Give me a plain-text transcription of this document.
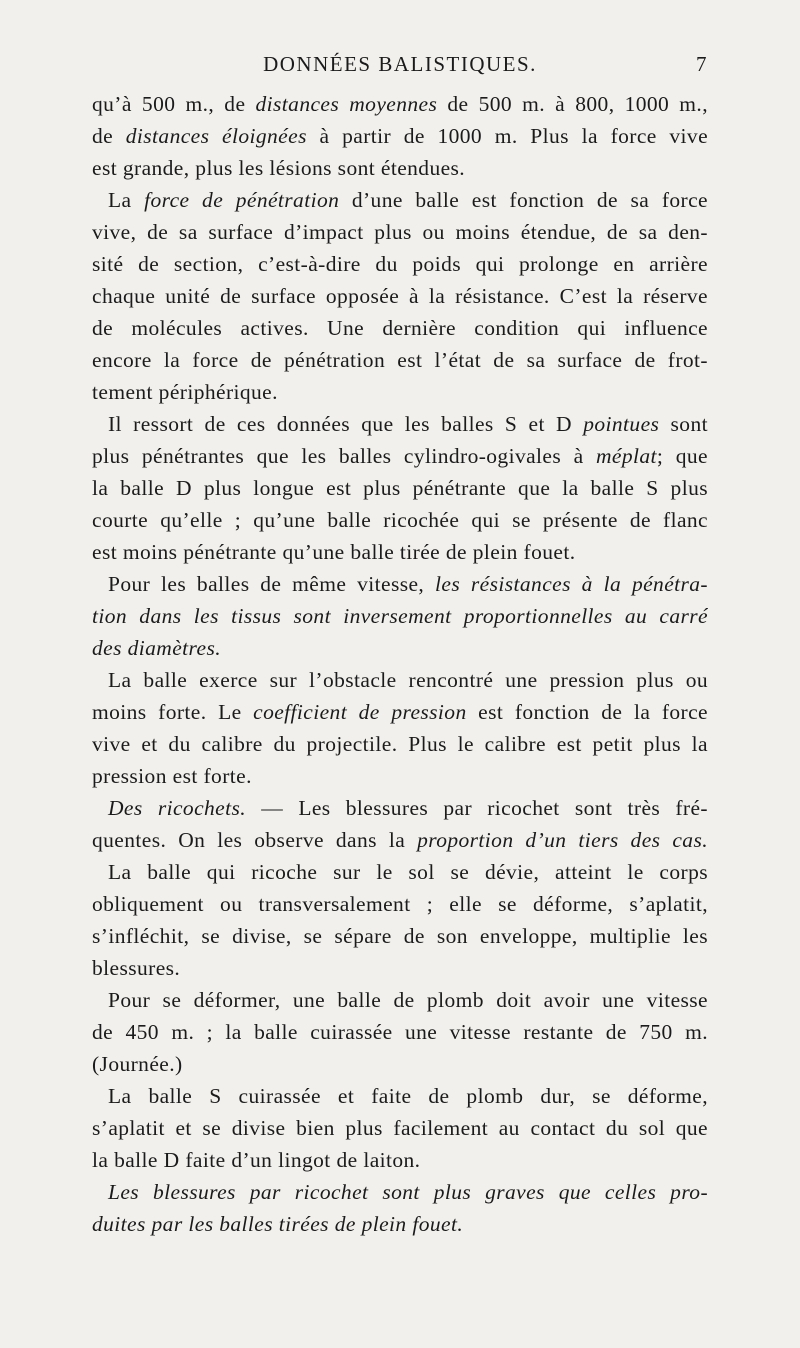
DONNÉES BALISTIQUES.	7
qu’à 500 m., de distances moyennes de 500 m. à 800, 1000 m.,
de distances éloignées à partir de 1000 m. Plus la force vive
est grande, plus les lésions sont étendues.
La force de pénétration d’une balle est fonction de sa force
vive, de sa surface d’impact plus ou moins étendue, de sa den-
sité de section, c’est-à-dire du poids qui prolonge en arrière
chaque unité de surface opposée à la résistance. C’est la réserve
de molécules actives. Une dernière condition qui influence
encore la force de pénétration est l’état de sa surface de frot-
tement périphérique.
Il ressort de ces données que les balles S et D pointues sont
plus pénétrantes que les balles cylindro-ogivales à méplat; que
la balle D plus longue est plus pénétrante que la balle S plus
courte qu’elle ; qu’une balle ricochée qui se présente de flanc
est moins pénétrante qu’une balle tirée de plein fouet.
Pour les balles de même vitesse, les résistances à la pénétra-
tion dans les tissus sont inversement proportionnelles au carré
des diamètres.
La balle exerce sur l’obstacle rencontré une pression plus ou
moins forte. Le coefficient de pression est fonction de la force
vive et du calibre du projectile. Plus le calibre est petit plus la
pression est forte.
Des ricochets. — Les blessures par ricochet sont très fré-
quentes. On les observe dans la proportion d’un tiers des cas.
La balle qui ricoche sur le sol se dévie, atteint le corps
obliquement ou transversalement ; elle se déforme, s’aplatit,
s’infléchit, se divise, se sépare de son enveloppe, multiplie les
blessures.
Pour se déformer, une balle de plomb doit avoir une vitesse
de 450 m. ; la balle cuirassée une vitesse restante de 750 m.
(Journée.)
La balle S cuirassée et faite de plomb dur, se déforme,
s’aplatit et se divise bien plus facilement au contact du sol que
la balle D faite d’un lingot de laiton.
Les blessures par ricochet sont plus graves que celles pro-
duites par les balles tirées de plein fouet.
